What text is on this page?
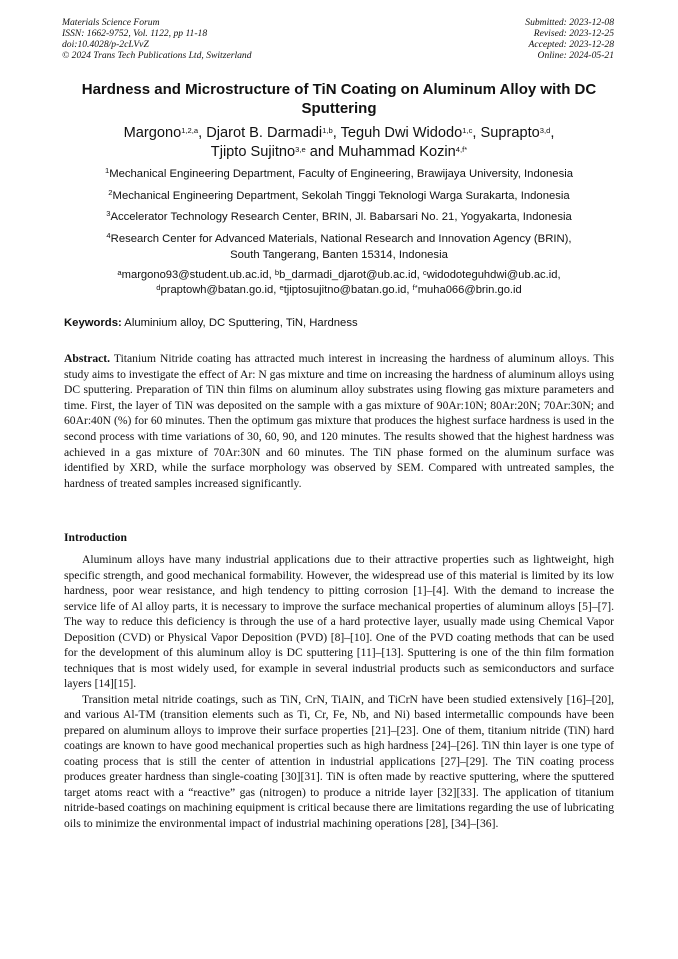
Materials Science Forum
ISSN: 1662-9752, Vol. 1122, pp 11-18
doi:10.4028/p-2cLVvZ
© 2024 Trans Tech Publications Ltd, Switzerland
Submitted: 2023-12-08
Revised: 2023-12-25
Accepted: 2023-12-28
Online: 2024-05-21
Hardness and Microstructure of TiN Coating on Aluminum Alloy with DC
Sputtering
Margono$^{1,2,a}$, Djarot B. Darmadi$^{1,b}$, Teguh Dwi Widodo$^{1,c}$, Suprapto$^{3,d}$,
Tjipto Sujitno$^{3,e}$ and Muhammad Kozin$^{4,f*}$
$^1$Mechanical Engineering Department, Faculty of Engineering, Brawijaya University, Indonesia
$^2$Mechanical Engineering Department, Sekolah Tinggi Teknologi Warga Surakarta, Indonesia
$^3$Accelerator Technology Research Center, BRIN, Jl. Babarsari No. 21, Yogyakarta, Indonesia
$^4$Research Center for Advanced Materials, National Research and Innovation Agency (BRIN),
South Tangerang, Banten 15314, Indonesia
$^a$margono93@student.ub.ac.id, $^b$b_darmadi_djarot@ub.ac.id, $^c$widodoteguhdwi@ub.ac.id,
$^d$praptowh@batan.go.id, $^e$tjiptosujitno@batan.go.id, $^{f*}$muha066@brin.go.id
Keywords: Aluminium alloy, DC Sputtering, TiN, Hardness
Abstract. Titanium Nitride coating has attracted much interest in increasing the hardness of aluminum alloys. This study aims to investigate the effect of Ar: N gas mixture and time on increasing the hardness of aluminum alloys using DC sputtering. Preparation of TiN thin films on aluminum alloy substrates using flowing gas mixture parameters and time. First, the layer of TiN was deposited on the sample with a gas mixture of 90Ar:10N; 80Ar:20N; 70Ar:30N; and 60Ar:40N (%) for 60 minutes. Then the optimum gas mixture that produces the highest surface hardness is used in the second process with time variations of 30, 60, 90, and 120 minutes. The results showed that the highest hardness was achieved in a gas mixture of 70Ar:30N and 60 minutes. The TiN phase formed on the aluminum surface was identified by XRD, while the surface morphology was observed by SEM. Compared with untreated samples, the hardness of treated samples increased significantly.
Introduction

Aluminum alloys have many industrial applications due to their attractive properties such as lightweight, high specific strength, and good mechanical formability. However, the widespread use of this material is limited by its low hardness, poor wear resistance, and high tendency to pitting corrosion [1]–[4]. With the demand to increase the service life of Al alloy parts, it is necessary to improve the surface mechanical properties of aluminum alloys [5]–[7]. The way to reduce this deficiency is through the use of a hard protective layer, usually made using Chemical Vapor Deposition (CVD) or Physical Vapor Deposition (PVD) [8]–[10]. One of the PVD coating methods that can be used for the development of this aluminum alloy is DC sputtering [11]–[13]. Sputtering is one of the thin film formation techniques that is most widely used, for example in several industrial products such as semiconductors and surface layers [14][15].

Transition metal nitride coatings, such as TiN, CrN, TiAlN, and TiCrN have been studied extensively [16]–[20], and various Al-TM (transition elements such as Ti, Cr, Fe, Nb, and Ni) based intermetallic compounds have been prepared on aluminum alloys to improve their surface properties [21]–[23]. One of them, titanium nitride (TiN) hard coatings are known to have good mechanical properties such as high hardness [24]–[26]. TiN thin layer is one type of coating process that is still the center of attention in industrial applications [27]–[29]. The TiN coating process produces greater hardness than single-coating [30][31]. TiN is often made by reactive sputtering, where the sputtered target atoms react with a “reactive” gas (nitrogen) to produce a nitride layer [32][33]. The application of titanium nitride-based coatings on machining equipment is critical because there are limitations regarding the use of lubricating oils to minimize the environmental impact of industrial machining operations [28], [34]–[36].
